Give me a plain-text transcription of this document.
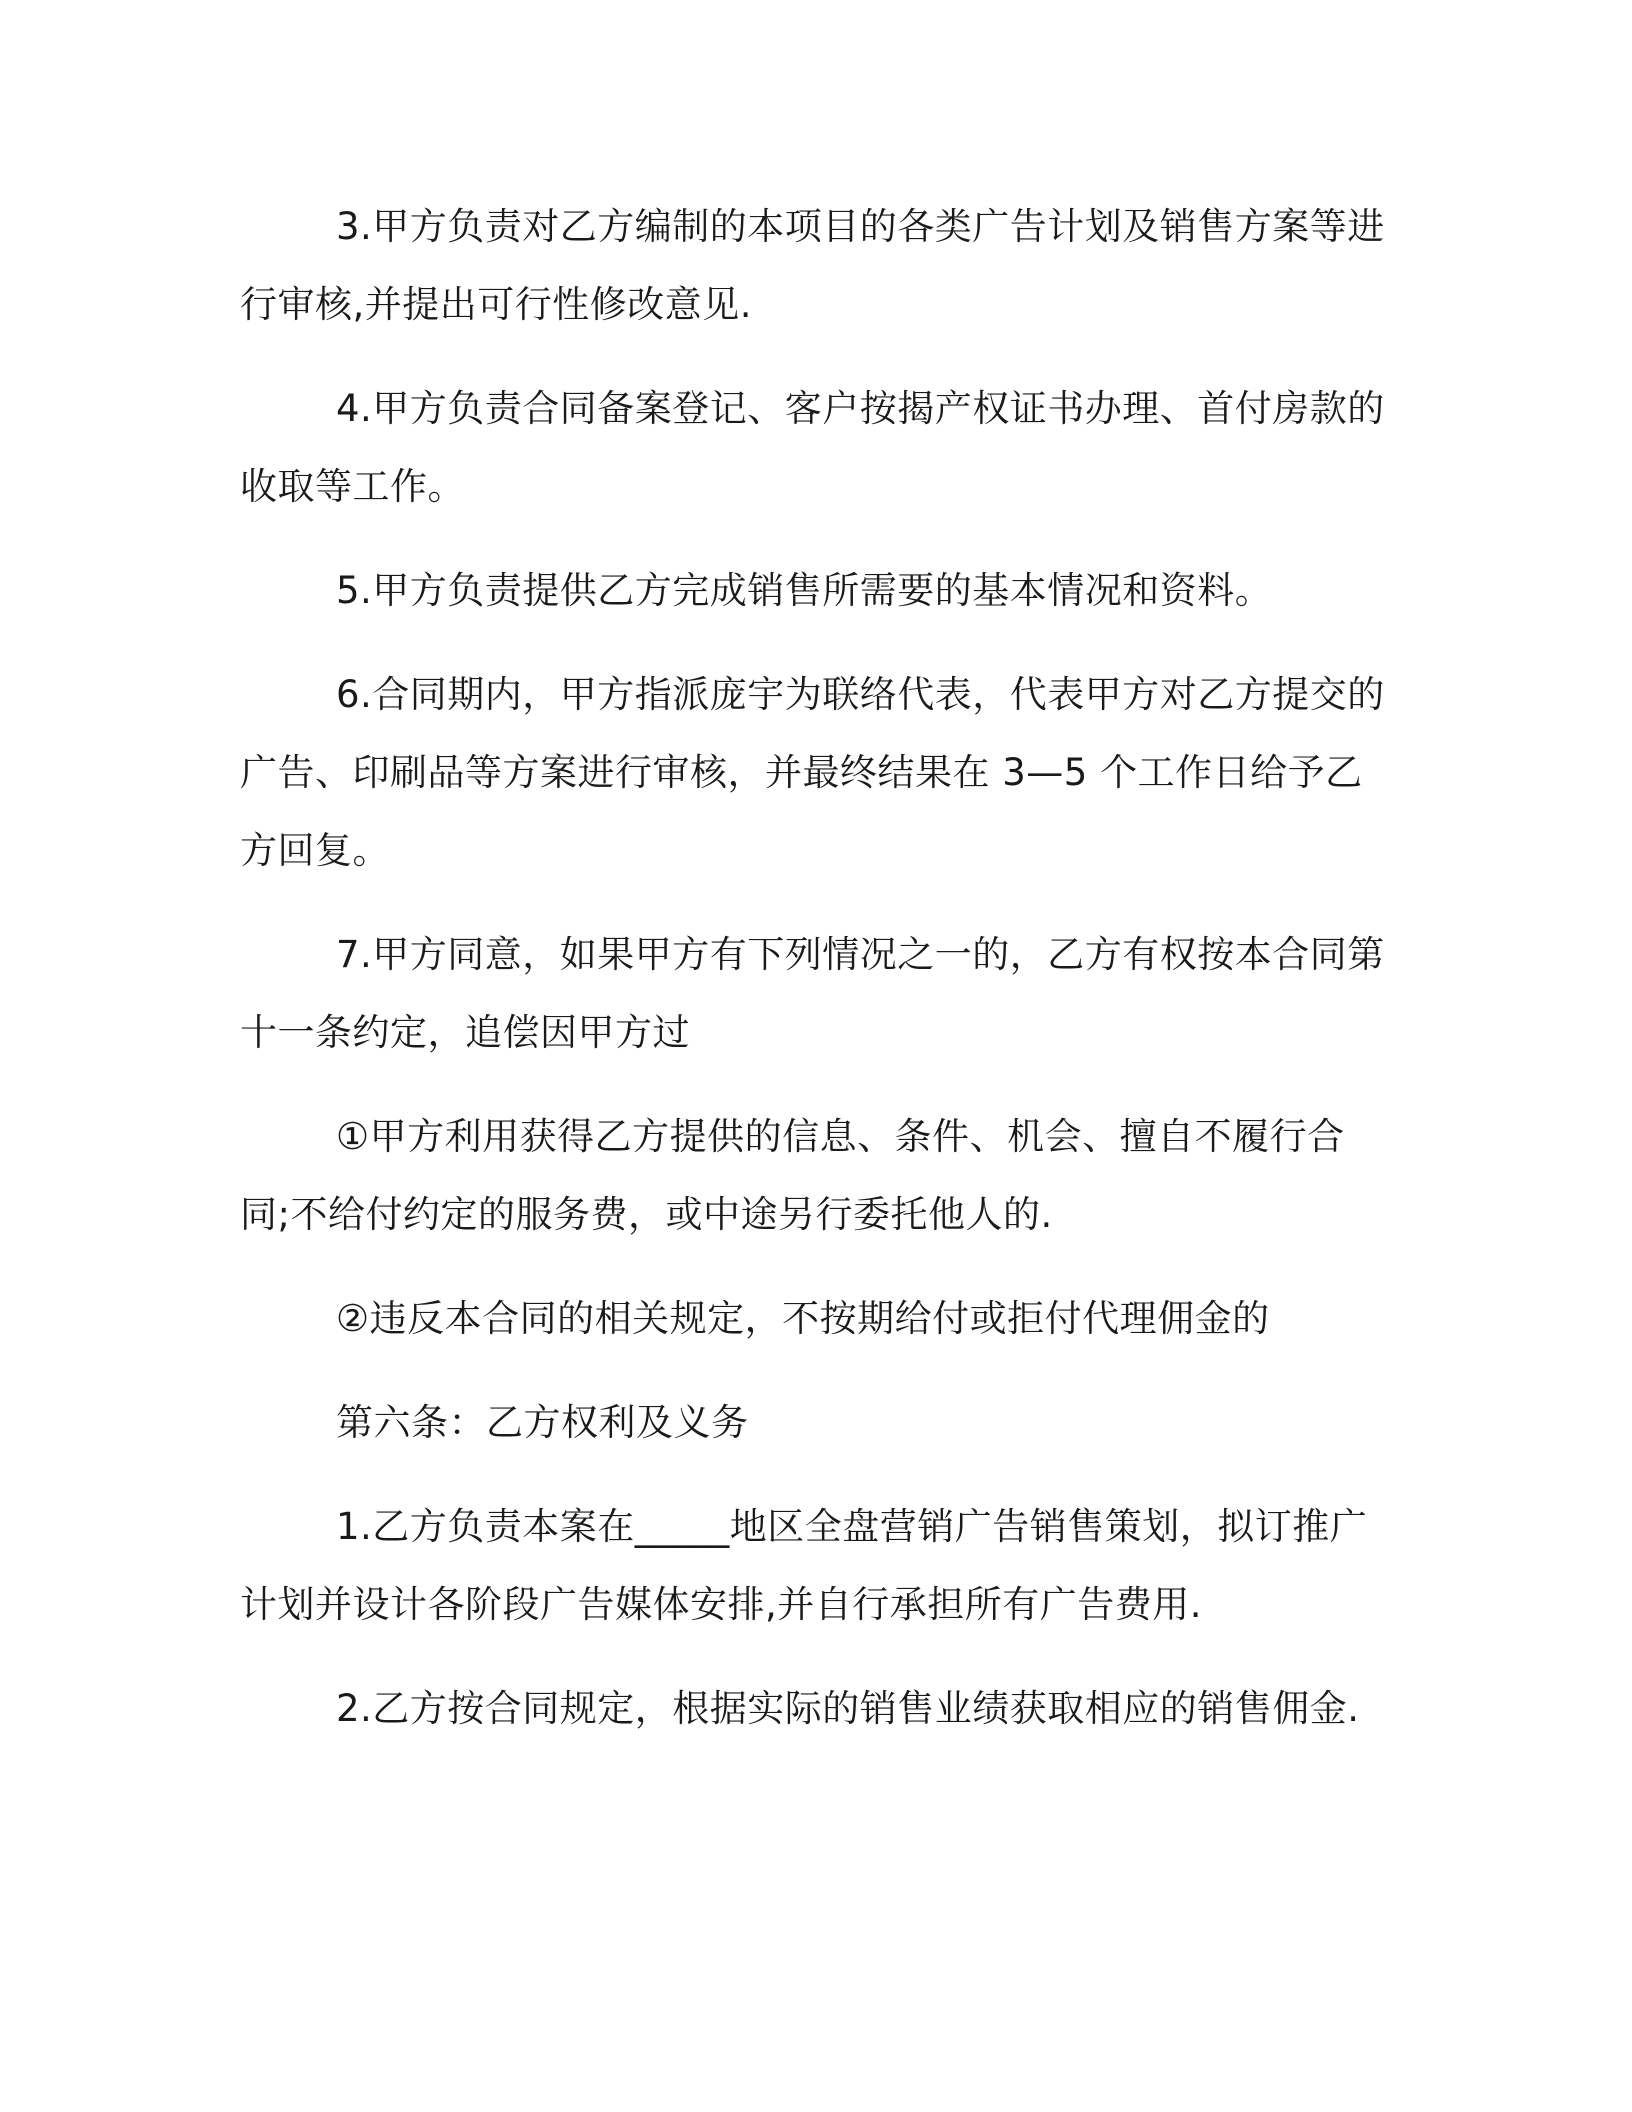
3.甲方负责对乙方编制的本项目的各类广告计划及销售方案等进行审核,并提出可行性修改意见.

4.甲方负责合同备案登记、客户按揭产权证书办理、首付房款的收取等工作。

5.甲方负责提供乙方完成销售所需要的基本情况和资料。

6.合同期内，甲方指派庞宇为联络代表，代表甲方对乙方提交的广告、印刷品等方案进行审核，并最终结果在 3—5 个工作日给予乙方回复。

7.甲方同意，如果甲方有下列情况之一的，乙方有权按本合同第十一条约定，追偿因甲方过

①甲方利用获得乙方提供的信息、条件、机会、擅自不履行合同;不给付约定的服务费，或中途另行委托他人的.

②违反本合同的相关规定，不按期给付或拒付代理佣金的

第六条：乙方权利及义务

1.乙方负责本案在_____地区全盘营销广告销售策划，拟订推广计划并设计各阶段广告媒体安排,并自行承担所有广告费用.

2.乙方按合同规定，根据实际的销售业绩获取相应的销售佣金.
